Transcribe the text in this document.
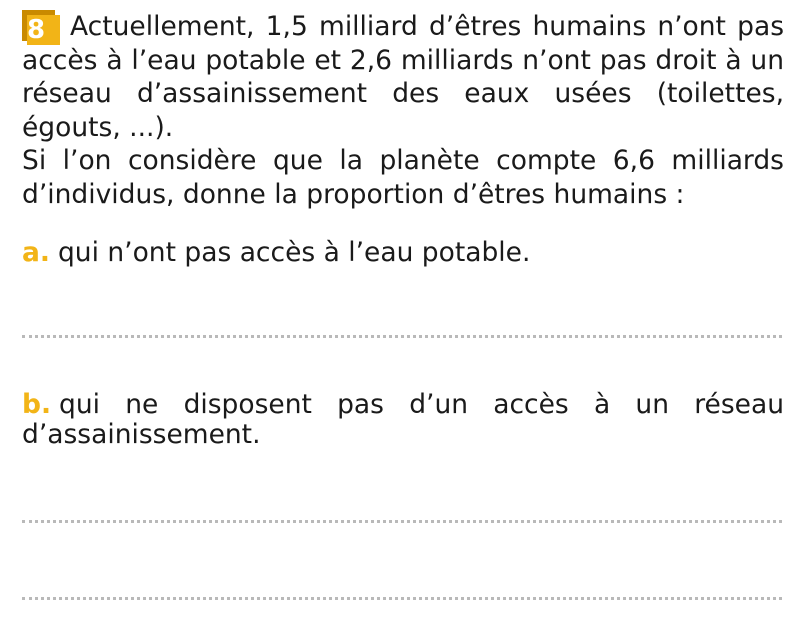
8 Actuellement, 1,5 milliard d’êtres humains n’ont pas accès à l’eau potable et 2,6 milliards n’ont pas droit à un réseau d’assainissement des eaux usées (toilettes, égouts, ...).
Si l’on considère que la planète compte 6,6 milliards d’individus, donne la proportion d’êtres humains :

a. qui n’ont pas accès à l’eau potable.

b. qui ne disposent pas d’un accès à un réseau d’assainissement.
